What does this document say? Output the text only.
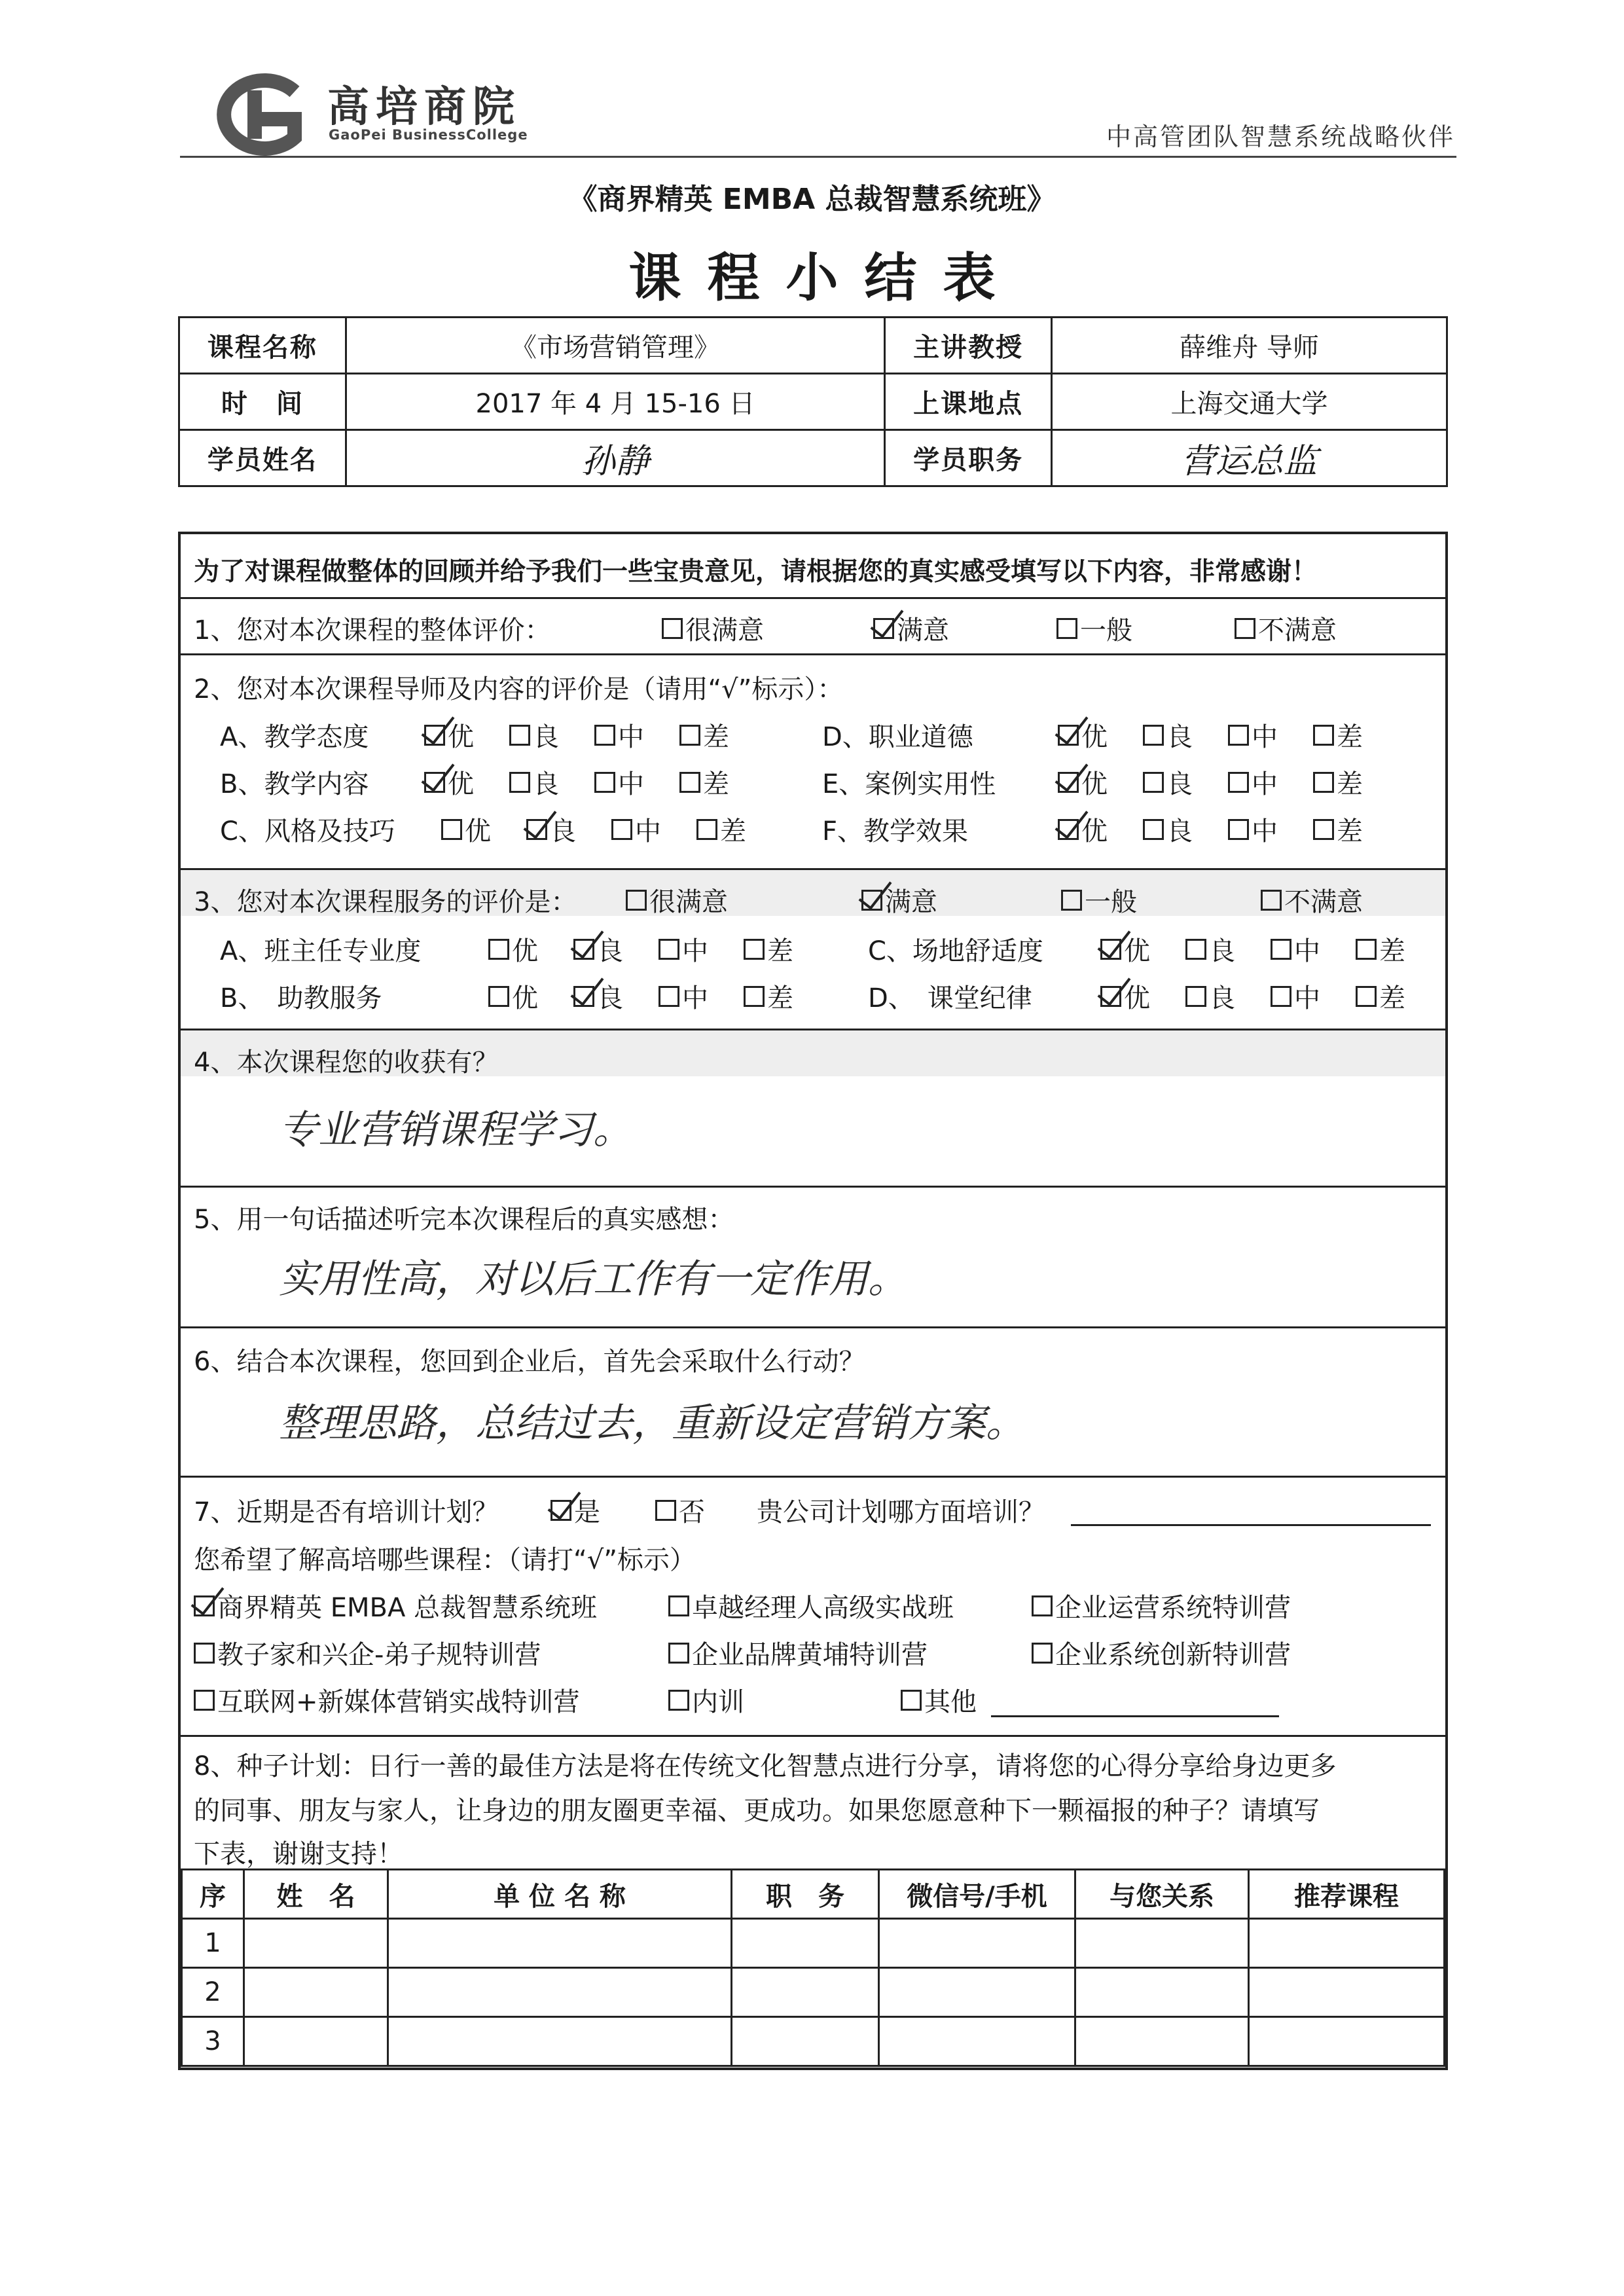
高培商院
GaoPei BusinessCollege	中高管团队智慧系统战略伙伴
《商界精英 EMBA 总裁智慧系统班》
课程小结表
课程名称	《市场营销管理》	主讲教授	薛维舟 导师
时　间	2017 年 4 月 15-16 日	上课地点	上海交通大学
学员姓名	孙静	学员职务	营运总监
为了对课程做整体的回顾并给予我们一些宝贵意见，请根据您的真实感受填写以下内容，非常感谢！
1、您对本次课程的整体评价：	很满意	满意	一般	不满意
2、您对本次课程导师及内容的评价是（请用“√”标示）：
A、教学态度	优 良 中 差
B、教学内容	优 良 中 差
C、风格及技巧	优 良 中 差
D、职业道德	优 良 中 差
E、案例实用性	优 良 中 差
F、教学效果	优 良 中 差
3、您对本次课程服务的评价是：	很满意	满意	一般	不满意
A、班主任专业度	优 良 中 差
B、　助教服务	优 良 中 差
C、场地舒适度	优 良 中 差
D、　课堂纪律	优 良 中 差
4、本次课程您的收获有？
专业营销课程学习。
5、用一句话描述听完本次课程后的真实感想：
实用性高，对以后工作有一定作用。
6、结合本次课程，您回到企业后，首先会采取什么行动？
整理思路，总结过去，重新设定营销方案。
7、近期是否有培训计划？	是	否 贵公司计划哪方面培训？
您希望了解高培哪些课程：（请打“√”标示）
商界精英 EMBA 总裁智慧系统班	卓越经理人高级实战班	企业运营系统特训营
教子家和兴企-弟子规特训营	企业品牌黄埔特训营	企业系统创新特训营
互联网+新媒体营销实战特训营	内训	其他
8、种子计划：日行一善的最佳方法是将在传统文化智慧点进行分享，请将您的心得分享给身边更多
的同事、朋友与家人，让身边的朋友圈更幸福、更成功。如果您愿意种下一颗福报的种子？请填写
下表，谢谢支持！
序	姓　名	单 位 名 称	职　务	微信号/手机	与您关系	推荐课程
1						
2						
3						
